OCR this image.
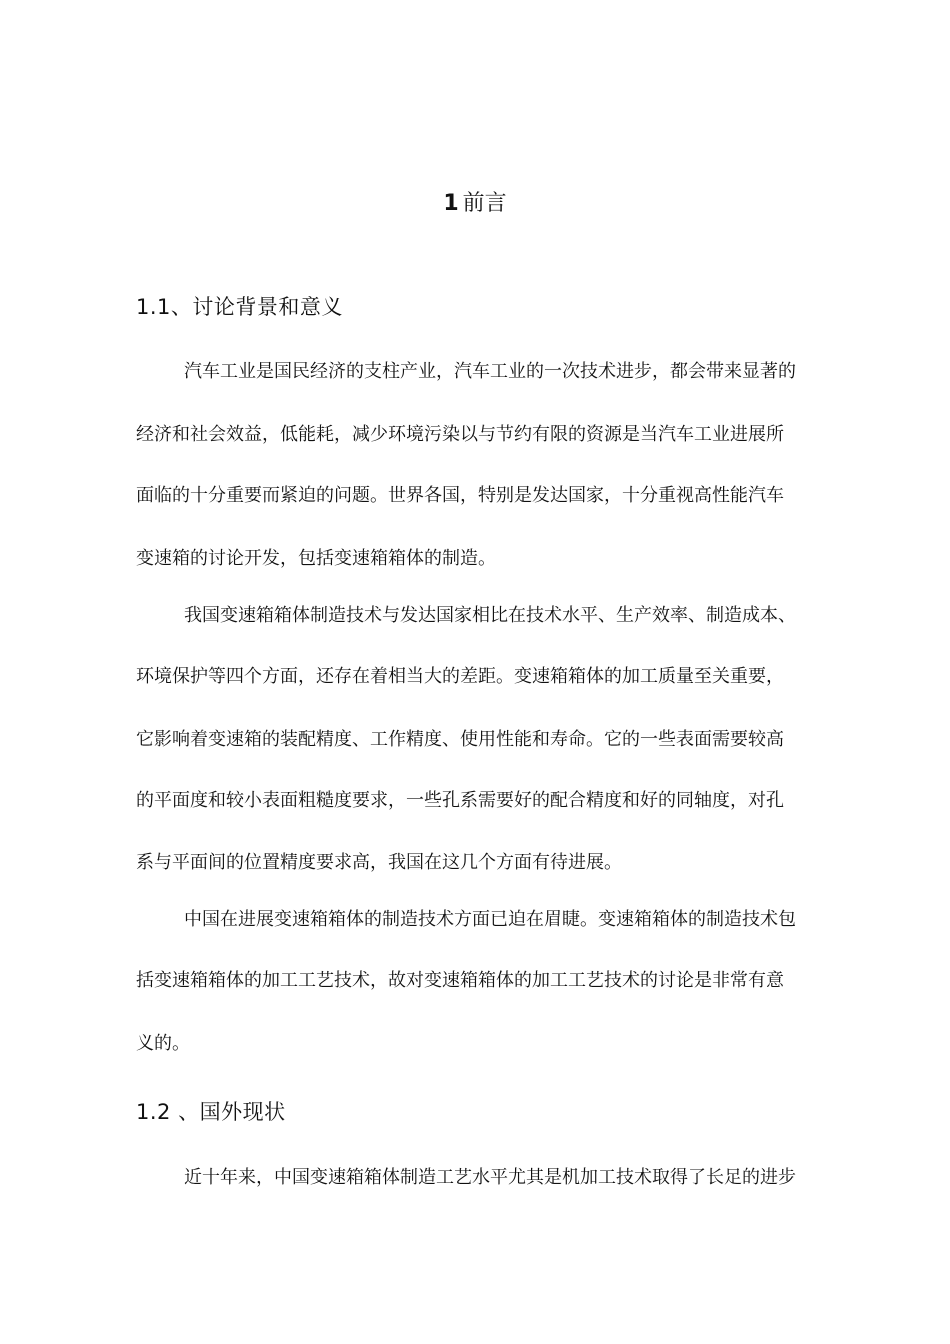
1 前言
1.1、讨论背景和意义
汽车工业是国民经济的支柱产业，汽车工业的一次技术进步，都会带来显著的
经济和社会效益，低能耗，减少环境污染以与节约有限的资源是当汽车工业进展所
面临的十分重要而紧迫的问题。世界各国，特别是发达国家，十分重视高性能汽车
变速箱的讨论开发，包括变速箱箱体的制造。
我国变速箱箱体制造技术与发达国家相比在技术水平、生产效率、制造成本、
环境保护等四个方面，还存在着相当大的差距。变速箱箱体的加工质量至关重要，
它影响着变速箱的装配精度、工作精度、使用性能和寿命。它的一些表面需要较高
的平面度和较小表面粗糙度要求，一些孔系需要好的配合精度和好的同轴度，对孔
系与平面间的位置精度要求高，我国在这几个方面有待进展。
中国在进展变速箱箱体的制造技术方面已迫在眉睫。变速箱箱体的制造技术包
括变速箱箱体的加工工艺技术，故对变速箱箱体的加工工艺技术的讨论是非常有意
义的。
1.2 、国外现状
近十年来，中国变速箱箱体制造工艺水平尤其是机加工技术取得了长足的进步
